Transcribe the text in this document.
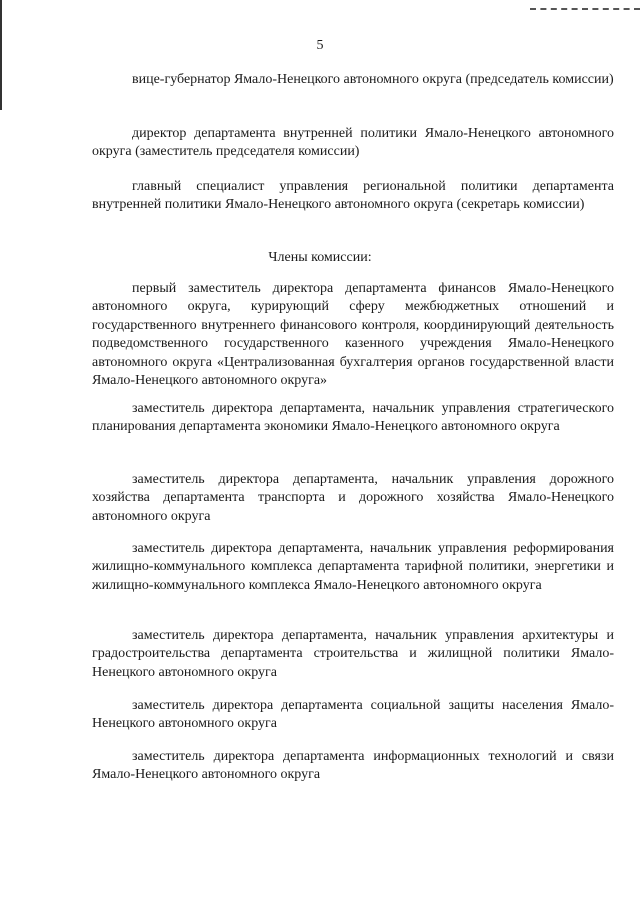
5

вице-губернатор Ямало-Ненецкого автономного округа (председатель комиссии)

директор департамента внутренней политики Ямало-Ненецкого автономного округа (заместитель председателя комиссии)

главный специалист управления региональной политики департамента внутренней политики Ямало-Ненецкого автономного округа (секретарь комиссии)

Члены комиссии:

первый заместитель директора департамента финансов Ямало-Ненецкого автономного округа, курирующий сферу межбюджетных отношений и государственного внутреннего финансового контроля, координирующий деятельность подведомственного государственного казенного учреждения Ямало-Ненецкого автономного округа «Централизованная бухгалтерия органов государственной власти Ямало-Ненецкого автономного округа»

заместитель директора департамента, начальник управления стратегического планирования департамента экономики Ямало-Ненецкого автономного округа

заместитель директора департамента, начальник управления дорожного хозяйства департамента транспорта и дорожного хозяйства Ямало-Ненецкого автономного округа

заместитель директора департамента, начальник управления реформирования жилищно-коммунального комплекса департамента тарифной политики, энергетики и жилищно-коммунального комплекса Ямало-Ненецкого автономного округа

заместитель директора департамента, начальник управления архитектуры и градостроительства департамента строительства и жилищной политики Ямало-Ненецкого автономного округа

заместитель директора департамента социальной защиты населения Ямало-Ненецкого автономного округа

заместитель директора департамента информационных технологий и связи Ямало-Ненецкого автономного округа
